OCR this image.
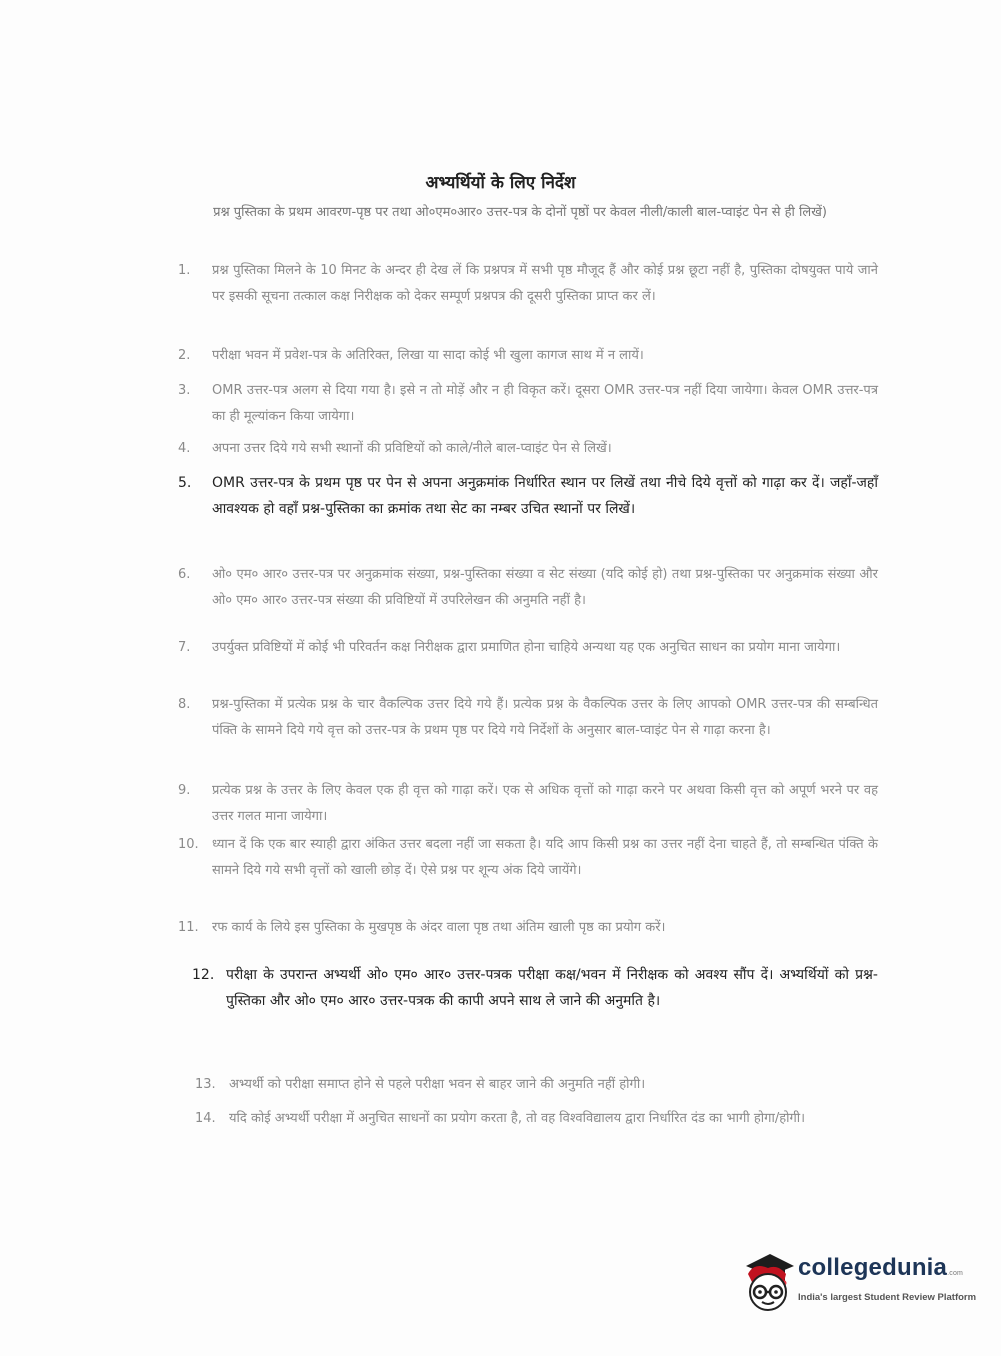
अभ्यर्थियों के लिए निर्देश
प्रश्न पुस्तिका के प्रथम आवरण-पृष्ठ पर तथा ओ०एम०आर० उत्तर-पत्र के दोनों पृष्ठों पर केवल नीली/काली बाल-प्वाइंट पेन से ही लिखें)
1.	प्रश्न पुस्तिका मिलने के 10 मिनट के अन्दर ही देख लें कि प्रश्नपत्र में सभी पृष्ठ मौजूद हैं और कोई प्रश्न छूटा नहीं है, पुस्तिका दोषयुक्त पाये जाने पर इसकी सूचना तत्काल कक्ष निरीक्षक को देकर सम्पूर्ण प्रश्नपत्र की दूसरी पुस्तिका प्राप्त कर लें।
2.	परीक्षा भवन में प्रवेश-पत्र के अतिरिक्त, लिखा या सादा कोई भी खुला कागज साथ में न लायें।
3.	OMR उत्तर-पत्र अलग से दिया गया है। इसे न तो मोड़ें और न ही विकृत करें। दूसरा OMR उत्तर-पत्र नहीं दिया जायेगा। केवल OMR उत्तर-पत्र का ही मूल्यांकन किया जायेगा।
4.	अपना उत्तर दिये गये सभी स्थानों की प्रविष्टियों को काले/नीले बाल-प्वाइंट पेन से लिखें।
5.	OMR उत्तर-पत्र के प्रथम पृष्ठ पर पेन से अपना अनुक्रमांक निर्धारित स्थान पर लिखें तथा नीचे दिये वृत्तों को गाढ़ा कर दें। जहाँ-जहाँ आवश्यक हो वहाँ प्रश्न-पुस्तिका का क्रमांक तथा सेट का नम्बर उचित स्थानों पर लिखें।
6.	ओ० एम० आर० उत्तर-पत्र पर अनुक्रमांक संख्या, प्रश्न-पुस्तिका संख्या व सेट संख्या (यदि कोई हो) तथा प्रश्न-पुस्तिका पर अनुक्रमांक संख्या और ओ० एम० आर० उत्तर-पत्र संख्या की प्रविष्टियों में उपरिलेखन की अनुमति नहीं है।
7.	उपर्युक्त प्रविष्टियों में कोई भी परिवर्तन कक्ष निरीक्षक द्वारा प्रमाणित होना चाहिये अन्यथा यह एक अनुचित साधन का प्रयोग माना जायेगा।
8.	प्रश्न-पुस्तिका में प्रत्येक प्रश्न के चार वैकल्पिक उत्तर दिये गये हैं। प्रत्येक प्रश्न के वैकल्पिक उत्तर के लिए आपको OMR उत्तर-पत्र की सम्बन्धित पंक्ति के सामने दिये गये वृत्त को उत्तर-पत्र के प्रथम पृष्ठ पर दिये गये निर्देशों के अनुसार बाल-प्वाइंट पेन से गाढ़ा करना है।
9.	प्रत्येक प्रश्न के उत्तर के लिए केवल एक ही वृत्त को गाढ़ा करें। एक से अधिक वृत्तों को गाढ़ा करने पर अथवा किसी वृत्त को अपूर्ण भरने पर वह उत्तर गलत माना जायेगा।
10.	ध्यान दें कि एक बार स्याही द्वारा अंकित उत्तर बदला नहीं जा सकता है। यदि आप किसी प्रश्न का उत्तर नहीं देना चाहते हैं, तो सम्बन्धित पंक्ति के सामने दिये गये सभी वृत्तों को खाली छोड़ दें। ऐसे प्रश्न पर शून्य अंक दिये जायेंगे।
11.	रफ कार्य के लिये इस पुस्तिका के मुखपृष्ठ के अंदर वाला पृष्ठ तथा अंतिम खाली पृष्ठ का प्रयोग करें।
12. परीक्षा के उपरान्त अभ्यर्थी ओ० एम० आर० उत्तर-पत्रक परीक्षा कक्ष/भवन में निरीक्षक को अवश्य सौंप दें। अभ्यर्थियों को प्रश्न-पुस्तिका और ओ० एम० आर० उत्तर-पत्रक की कापी अपने साथ ले जाने की अनुमति है।
13.	अभ्यर्थी को परीक्षा समाप्त होने से पहले परीक्षा भवन से बाहर जाने की अनुमति नहीं होगी।
14.	यदि कोई अभ्यर्थी परीक्षा में अनुचित साधनों का प्रयोग करता है, तो वह विश्वविद्यालय द्वारा निर्धारित दंड का भागी होगा/होगी।
collegedunia.com
India's largest Student Review Platform
